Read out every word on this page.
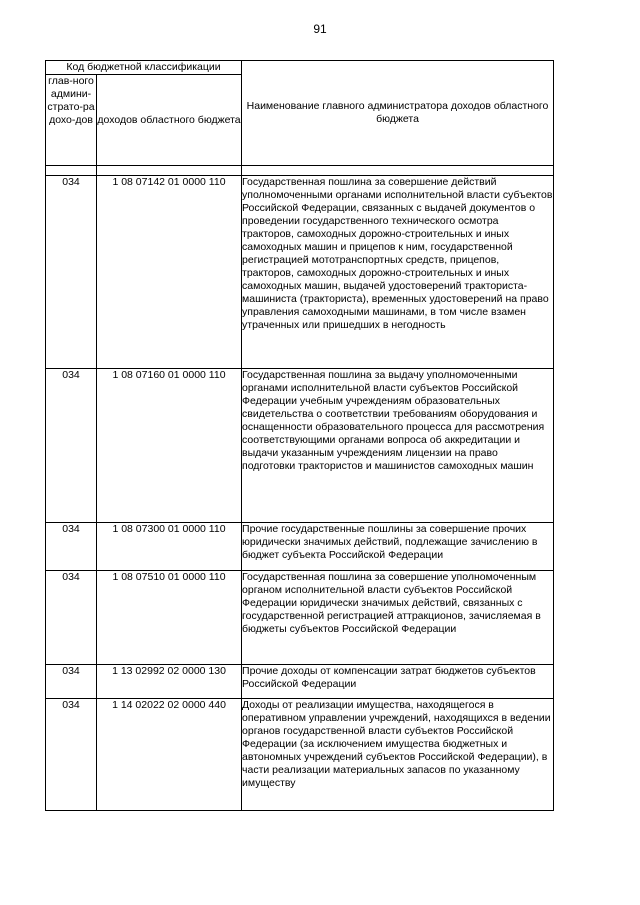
91
Код бюджетной классификации		Наименование главного администратора доходов областного бюджета
глав-ного админи-страто-ра дохо-дов	доходов областного бюджета	

034	1 08 07142 01 0000 110	Государственная пошлина за совершение действий уполномоченными органами исполнительной власти субъектов Российской Федерации, связанных с выдачей документов о проведении государственного технического осмотра тракторов, самоходных дорожно-строительных и иных самоходных машин и прицепов к ним, государственной регистрацией мототранспортных средств, прицепов, тракторов, самоходных дорожно-строительных и иных самоходных машин, выдачей удостоверений тракториста-машиниста (тракториста), временных удостоверений на право управления самоходными машинами, в том числе взамен утраченных или пришедших в негодность
034	1 08 07160 01 0000 110	Государственная пошлина за выдачу уполномоченными органами исполнительной власти субъектов Российской Федерации учебным учреждениям образовательных свидетельства о соответствии требованиям оборудования и оснащенности образовательного процесса для рассмотрения соответствующими органами вопроса об аккредитации и выдачи указанным учреждениям лицензии на право подготовки трактористов и машинистов самоходных машин
034	1 08 07300 01 0000 110	Прочие государственные пошлины за совершение прочих юридически значимых действий, подлежащие зачислению в бюджет субъекта Российской Федерации
034	1 08 07510 01 0000 110	Государственная пошлина за совершение уполномоченным органом исполнительной власти субъектов Российской Федерации юридически значимых действий, связанных с государственной регистрацией аттракционов, зачисляемая в бюджеты субъектов Российской Федерации
034	1 13 02992 02 0000 130	Прочие доходы от компенсации затрат бюджетов субъектов Российской Федерации
034	1 14 02022 02 0000 440	Доходы от реализации имущества, находящегося в оперативном управлении учреждений, находящихся в ведении органов государственной власти субъектов Российской Федерации (за исключением имущества бюджетных и автономных учреждений субъектов Российской Федерации), в части реализации материальных запасов по указанному имуществу
